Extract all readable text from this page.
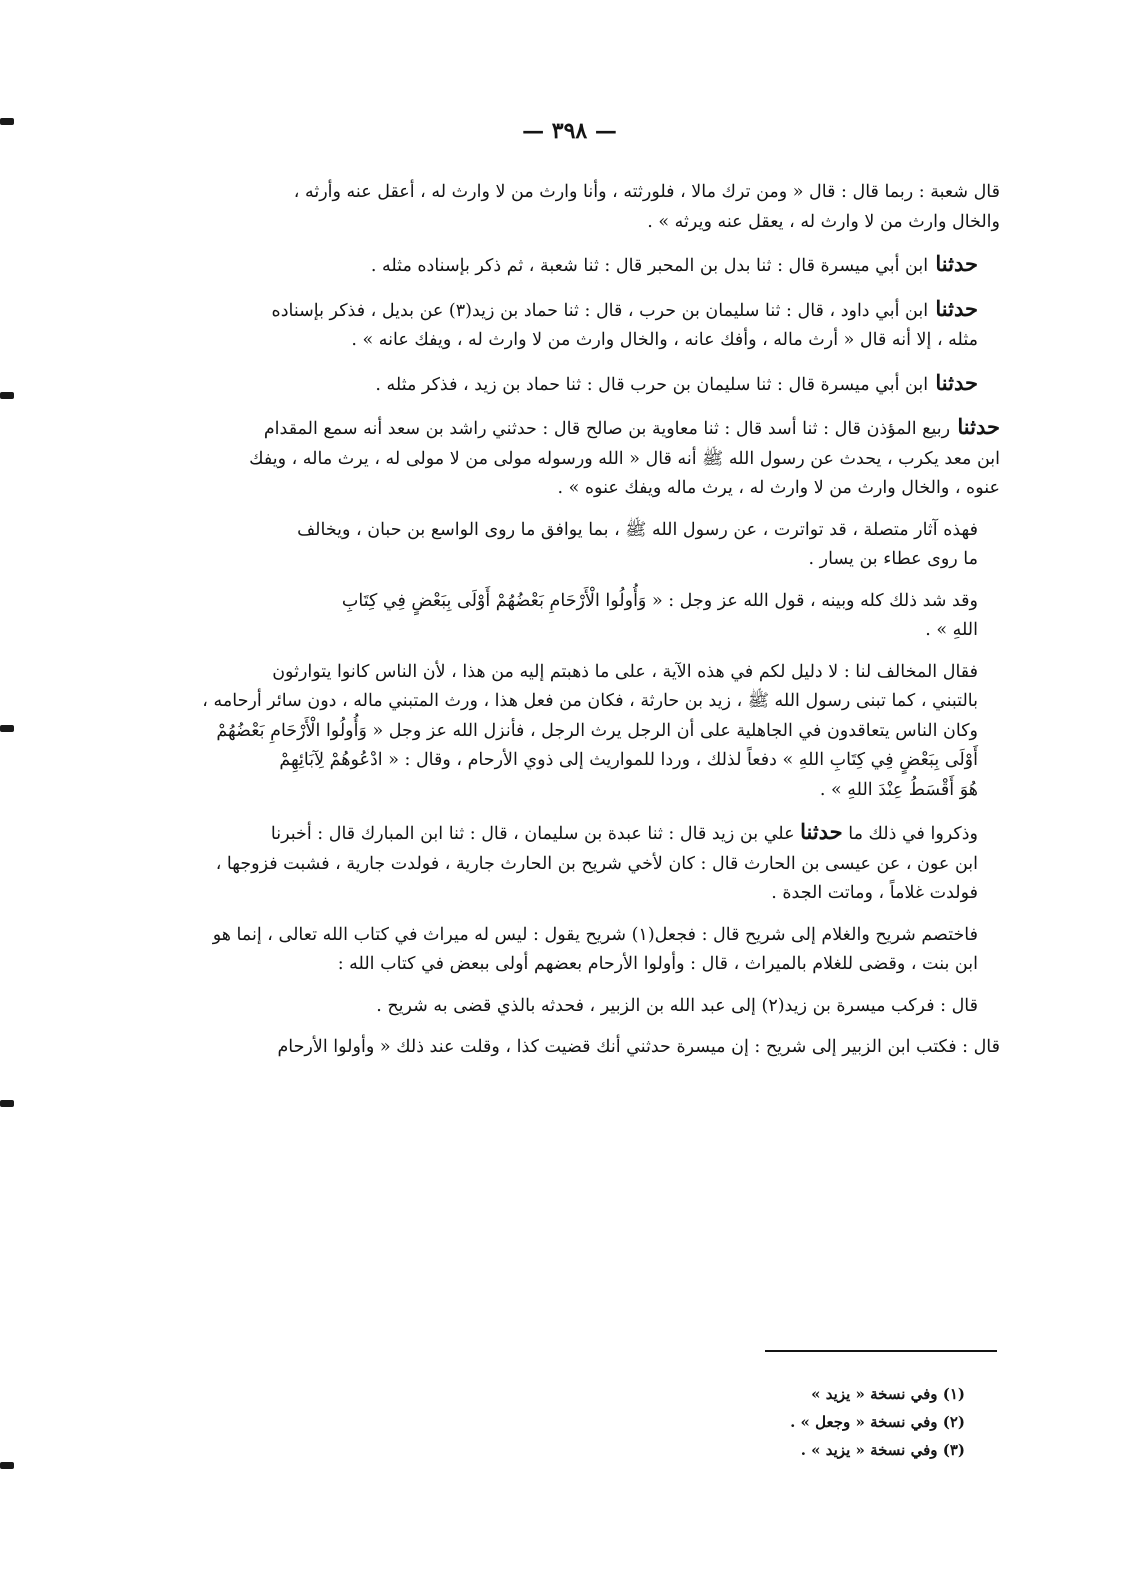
— ٣٩٨ —

قال شعبة : ربما قال : قال « ومن ترك مالا ، فلورثته ، وأنا وارث من لا وارث له ، أعقل عنه وأرثه ،
والخال وارث من لا وارث له ، يعقل عنه ويرثه » .

حدثنا ابن أبي ميسرة قال : ثنا بدل بن المحبر قال : ثنا شعبة ، ثم ذكر بإسناده مثله .

حدثنا ابن أبي داود ، قال : ثنا سليمان بن حرب ، قال : ثنا حماد بن زيد(٣) عن بديل ، فذكر بإسناده
مثله ، إلا أنه قال « أرث ماله ، وأفك عانه ، والخال وارث من لا وارث له ، ويفك عانه » .

حدثنا ابن أبي ميسرة قال : ثنا سليمان بن حرب قال : ثنا حماد بن زيد ، فذكر مثله .

حدثنا ربيع المؤذن قال : ثنا أسد قال : ثنا معاوية بن صالح قال : حدثني راشد بن سعد أنه سمع المقدام
ابن معد يكرب ، يحدث عن رسول الله ﷺ أنه قال « الله ورسوله مولى من لا مولى له ، يرث ماله ، ويفك
عنوه ، والخال وارث من لا وارث له ، يرث ماله ويفك عنوه » .

فهذه آثار متصلة ، قد تواترت ، عن رسول الله ﷺ ، بما يوافق ما روى الواسع بن حبان ، ويخالف
ما روى عطاء بن يسار .

وقد شد ذلك كله وبينه ، قول الله عز وجل : « وَأُولُوا الْأَرْحَامِ بَعْضُهُمْ أَوْلَى بِبَعْضٍ فِي كِتَابِ
اللهِ » .

فقال المخالف لنا : لا دليل لكم في هذه الآية ، على ما ذهبتم إليه من هذا ، لأن الناس كانوا يتوارثون
بالتبني ، كما تبنى رسول الله ﷺ ، زيد بن حارثة ، فكان من فعل هذا ، ورث المتبني ماله ، دون سائر أرحامه ،
وكان الناس يتعاقدون في الجاهلية على أن الرجل يرث الرجل ، فأنزل الله عز وجل « وَأُولُوا الْأَرْحَامِ بَعْضُهُمْ
أَوْلَى بِبَعْضٍ فِي كِتَابِ اللهِ » دفعاً لذلك ، وردا للمواريث إلى ذوي الأرحام ، وقال : « ادْعُوهُمْ لِآبَائِهِمْ
هُوَ أَقْسَطُ عِنْدَ اللهِ » .

وذكروا في ذلك ما حدثنا علي بن زيد قال : ثنا عبدة بن سليمان ، قال : ثنا ابن المبارك قال : أخبرنا
ابن عون ، عن عيسى بن الحارث قال : كان لأخي شريح بن الحارث جارية ، فولدت جارية ، فشبت فزوجها ،
فولدت غلاماً ، وماتت الجدة .

فاختصم شريح والغلام إلى شريح قال : فجعل(١) شريح يقول : ليس له ميراث في كتاب الله تعالى ، إنما هو
ابن بنت ، وقضى للغلام بالميراث ، قال : وأولوا الأرحام بعضهم أولى ببعض في كتاب الله :

قال : فركب ميسرة بن زيد(٢) إلى عبد الله بن الزبير ، فحدثه بالذي قضى به شريح .

قال : فكتب ابن الزبير إلى شريح : إن ميسرة حدثني أنك قضيت كذا ، وقلت عند ذلك « وأولوا الأرحام

(١) وفي نسخة « يزيد »
(٢) وفي نسخة « وجعل » .
(٣) وفي نسخة « يزيد » .
